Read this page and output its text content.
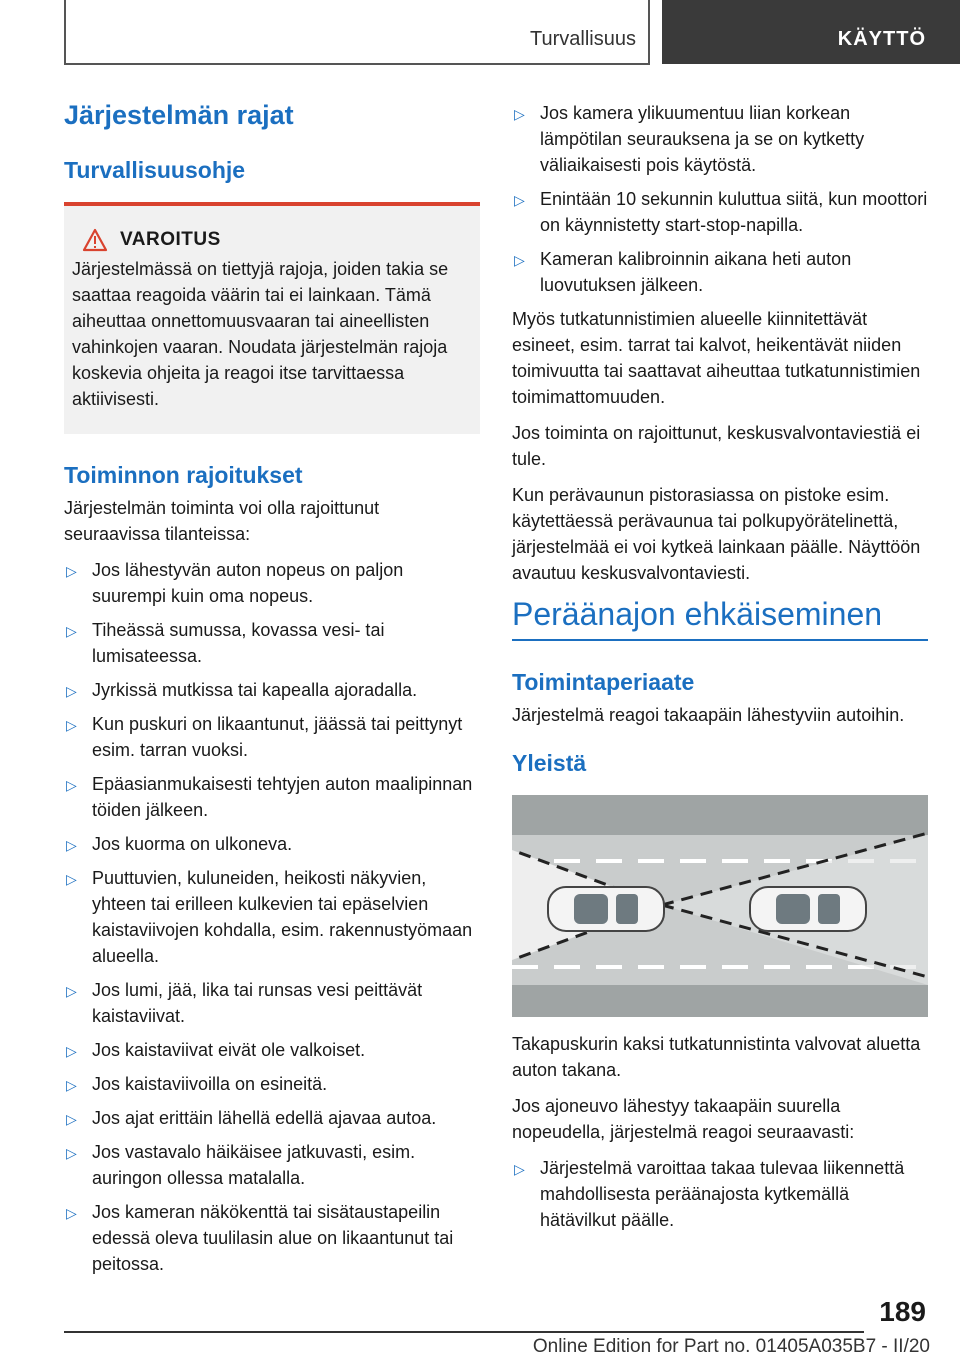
Turvallisuus	KÄYTTÖ
Järjestelmän rajat
Turvallisuusohje
VAROITUS

Järjestelmässä on tiettyjä rajoja, joiden takia se saattaa reagoida väärin tai ei lainkaan. Tämä aiheuttaa onnettomuusvaaran tai aineellisten vahinkojen vaaran. Noudata järjestelmän rajoja koskevia ohjeita ja reagoi itse tarvittaessa aktiivisesti.

Toiminnon rajoitukset

Järjestelmän toiminta voi olla rajoittunut seuraavissa tilanteissa:

▷ Jos lähestyvän auton nopeus on paljon suurempi kuin oma nopeus.
▷ Tiheässä sumussa, kovassa vesi- tai lumisateessa.
▷ Jyrkissä mutkissa tai kapealla ajoradalla.
▷ Kun puskuri on likaantunut, jäässä tai peittynyt esim. tarran vuoksi.
▷ Epäasianmukaisesti tehtyjen auton maalipinnan töiden jälkeen.
▷ Jos kuorma on ulkoneva.
▷ Puuttuvien, kuluneiden, heikosti näkyvien, yhteen tai erilleen kulkevien tai epäselvien kaistaviivojen kohdalla, esim. rakennustyömaan alueella.
▷ Jos lumi, jää, lika tai runsas vesi peittävät kaistaviivat.
▷ Jos kaistaviivat eivät ole valkoiset.
▷ Jos kaistaviivoilla on esineitä.
▷ Jos ajat erittäin lähellä edellä ajavaa autoa.
▷ Jos vastavalo häikäisee jatkuvasti, esim. auringon ollessa matalalla.
▷ Jos kameran näkökenttä tai sisätaustapeilin edessä oleva tuulilasin alue on likaantunut tai peitossa.
▷ Jos kamera ylikuumentuu liian korkean lämpötilan seurauksena ja se on kytketty väliaikaisesti pois käytöstä.
▷ Enintään 10 sekunnin kuluttua siitä, kun moottori on käynnistetty start-stop-napilla.
▷ Kameran kalibroinnin aikana heti auton luovutuksen jälkeen.

Myös tutkatunnistimien alueelle kiinnitettävät esineet, esim. tarrat tai kalvot, heikentävät niiden toimivuutta tai saattavat aiheuttaa tutkatunnistimien toimimattomuuden.

Jos toiminta on rajoittunut, keskusvalvontaviestiä ei tule.

Kun perävaunun pistorasiassa on pistoke esim. käytettäessä perävaunua tai polkupyörätelinettä, järjestelmää ei voi kytkeä lainkaan päälle. Näyttöön avautuu keskusvalvontaviesti.

Peräänajon ehkäiseminen
Toimintaperiaate

Järjestelmä reagoi takaapäin lähestyviin autoihin.

Yleistä

Takapuskurin kaksi tutkatunnistinta valvovat aluetta auton takana.

Jos ajoneuvo lähestyy takaapäin suurella nopeudella, järjestelmä reagoi seuraavasti:

▷ Järjestelmä varoittaa takaa tulevaa liikennettä mahdollisesta peräänajosta kytkemällä hätävilkut päälle.
189
Online Edition for Part no. 01405A035B7 - II/20
